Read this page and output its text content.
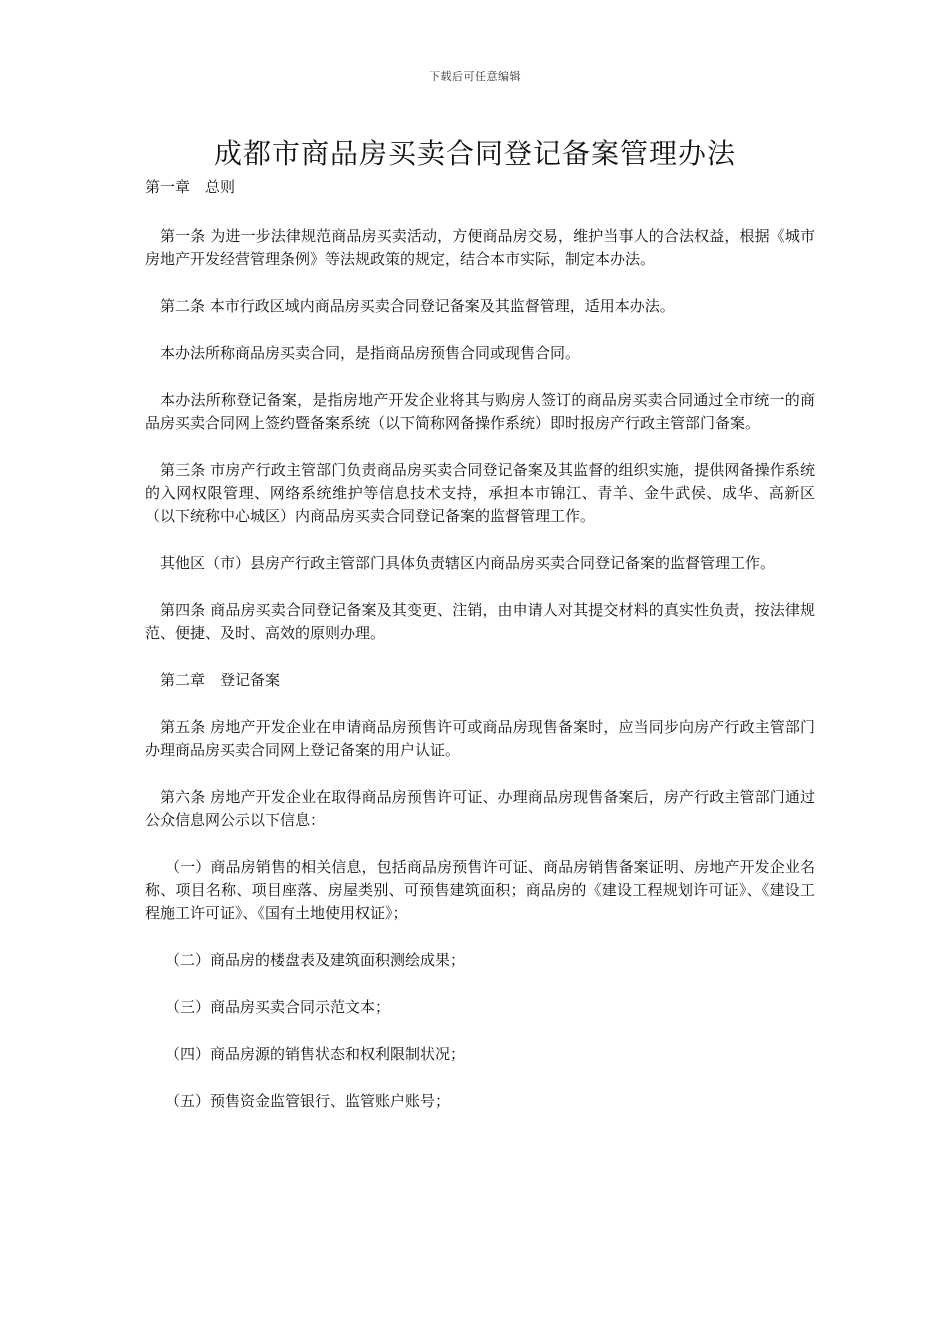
下载后可任意编辑
成都市商品房买卖合同登记备案管理办法

第一章　总则

第一条 为进一步法律规范商品房买卖活动，方便商品房交易，维护当事人的合法权益，根据《城市房地产开发经营管理条例》等法规政策的规定，结合本市实际，制定本办法。

第二条 本市行政区域内商品房买卖合同登记备案及其监督管理，适用本办法。

本办法所称商品房买卖合同，是指商品房预售合同或现售合同。

本办法所称登记备案，是指房地产开发企业将其与购房人签订的商品房买卖合同通过全市统一的商品房买卖合同网上签约暨备案系统（以下简称网备操作系统）即时报房产行政主管部门备案。

第三条 市房产行政主管部门负责商品房买卖合同登记备案及其监督的组织实施，提供网备操作系统的入网权限管理、网络系统维护等信息技术支持，承担本市锦江、青羊、金牛武侯、成华、高新区（以下统称中心城区）内商品房买卖合同登记备案的监督管理工作。

其他区（市）县房产行政主管部门具体负责辖区内商品房买卖合同登记备案的监督管理工作。

第四条 商品房买卖合同登记备案及其变更、注销，由申请人对其提交材料的真实性负责，按法律规范、便捷、及时、高效的原则办理。

第二章　登记备案

第五条 房地产开发企业在申请商品房预售许可或商品房现售备案时，应当同步向房产行政主管部门办理商品房买卖合同网上登记备案的用户认证。

第六条 房地产开发企业在取得商品房预售许可证、办理商品房现售备案后，房产行政主管部门通过公众信息网公示以下信息：

（一）商品房销售的相关信息，包括商品房预售许可证、商品房销售备案证明、房地产开发企业名称、项目名称、项目座落、房屋类别、可预售建筑面积；商品房的《建设工程规划许可证》、《建设工程施工许可证》、《国有土地使用权证》；

（二）商品房的楼盘表及建筑面积测绘成果；

（三）商品房买卖合同示范文本；

（四）商品房源的销售状态和权利限制状况；

（五）预售资金监管银行、监管账户账号；
